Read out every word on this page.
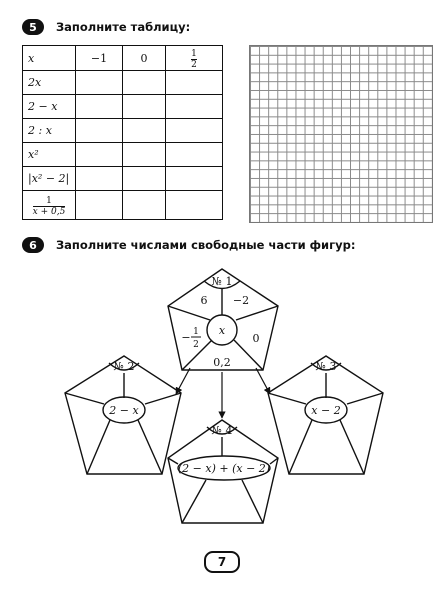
5	Заполните таблицу:
x	−1	0	$\frac{1}{2}$

2x			
2 − x			
2 : x			
x²			
|x² − 2|			

$\frac{1}{x + 0,5}$

6	Заполните числами свободные части фигур:
№ 1
x
6 −2
− 1
2	0
0,2
№ 2
2 − x
№ 3
x − 2
№ 4
(2 − x) + (x − 2)
7
